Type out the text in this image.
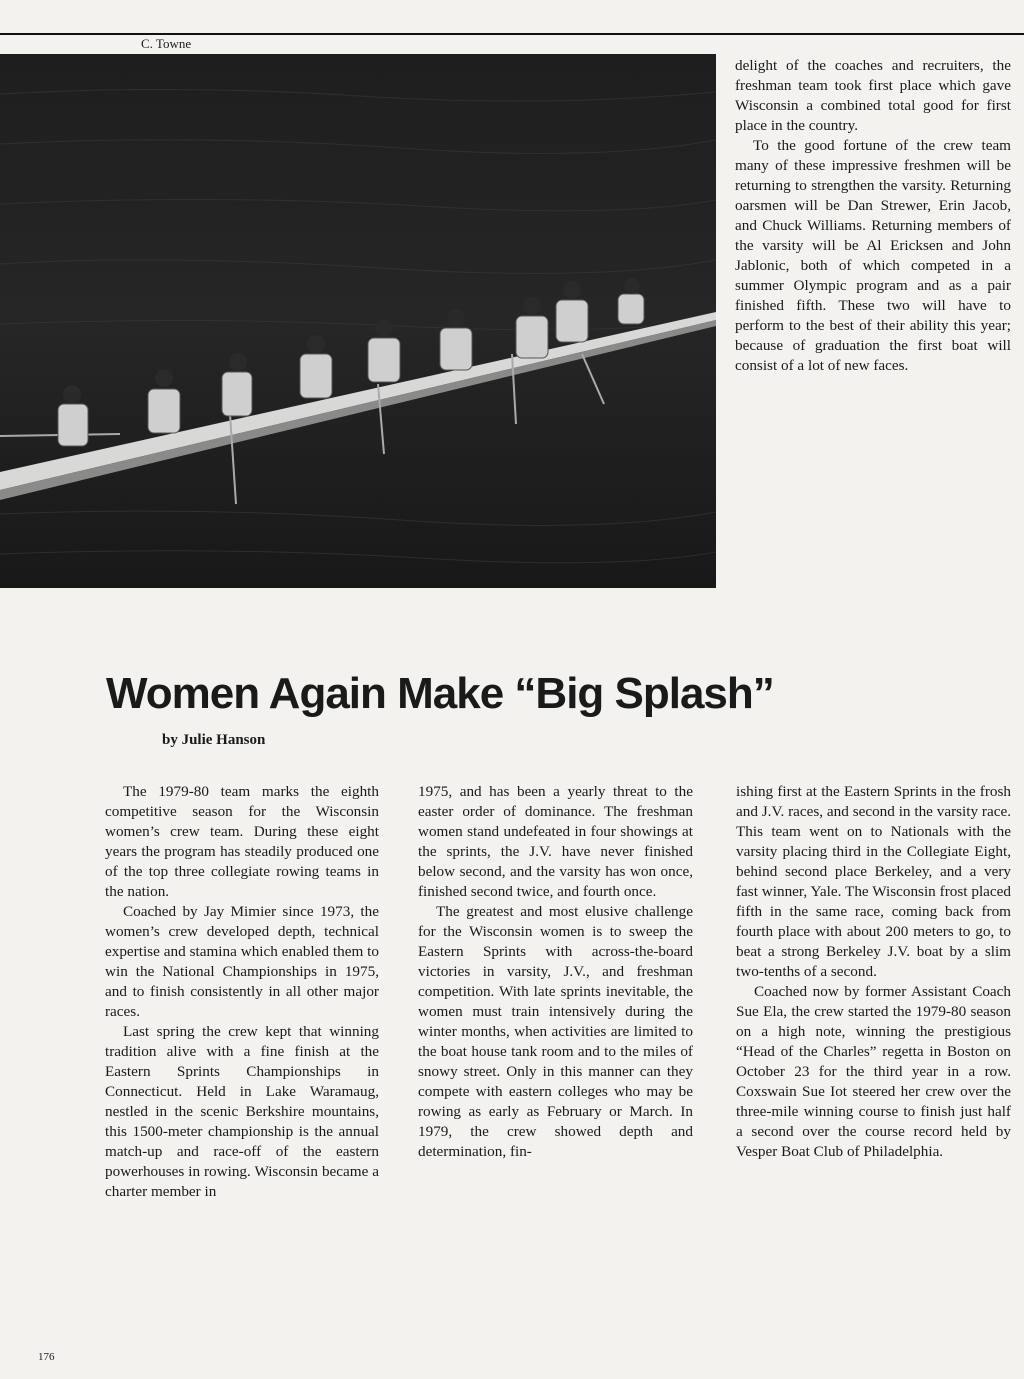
C. Towne

delight of the coaches and recruiters, the freshman team took first place which gave Wisconsin a combined total good for first place in the country.

To the good fortune of the crew team many of these impressive freshmen will be returning to strengthen the varsity. Returning oarsmen will be Dan Strewer, Erin Jacob, and Chuck Williams. Returning members of the varsity will be Al Ericksen and John Jablonic, both of which competed in a summer Olympic program and as a pair finished fifth. These two will have to perform to the best of their ability this year; because of graduation the first boat will consist of a lot of new faces.

Women Again Make “Big Splash”
by Julie Hanson

The 1979-80 team marks the eighth competitive season for the Wisconsin women’s crew team. During these eight years the program has steadily produced one of the top three collegiate rowing teams in the nation.

Coached by Jay Mimier since 1973, the women’s crew developed depth, technical expertise and stamina which enabled them to win the National Championships in 1975, and to finish consistently in all other major races.

Last spring the crew kept that winning tradition alive with a fine finish at the Eastern Sprints Championships in Connecticut. Held in Lake Waramaug, nestled in the scenic Berkshire mountains, this 1500-meter championship is the annual match-up and race-off of the eastern powerhouses in rowing. Wisconsin became a charter member in

1975, and has been a yearly threat to the easter order of dominance. The freshman women stand undefeated in four showings at the sprints, the J.V. have never finished below second, and the varsity has won once, finished second twice, and fourth once.

The greatest and most elusive challenge for the Wisconsin women is to sweep the Eastern Sprints with across-the-board victories in varsity, J.V., and freshman competition. With late sprints inevitable, the women must train intensively during the winter months, when activities are limited to the boat house tank room and to the miles of snowy street. Only in this manner can they compete with eastern colleges who may be rowing as early as February or March. In 1979, the crew showed depth and determination, fin-

ishing first at the Eastern Sprints in the frosh and J.V. races, and second in the varsity race. This team went on to Nationals with the varsity placing third in the Collegiate Eight, behind second place Berkeley, and a very fast winner, Yale. The Wisconsin frost placed fifth in the same race, coming back from fourth place with about 200 meters to go, to beat a strong Berkeley J.V. boat by a slim two-tenths of a second.

Coached now by former Assistant Coach Sue Ela, the crew started the 1979-80 season on a high note, winning the prestigious “Head of the Charles” regetta in Boston on October 23 for the third year in a row. Coxswain Sue Iot steered her crew over the three-mile winning course to finish just half a second over the course record held by Vesper Boat Club of Philadelphia.

176
